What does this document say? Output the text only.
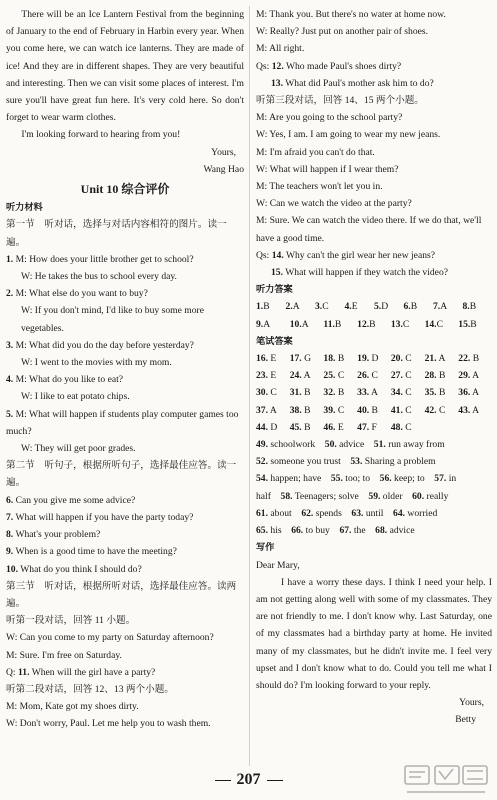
There will be an Ice Lantern Festival from the beginning of January to the end of February in Harbin every year. When you come here, we can watch ice lanterns. They are made of ice! And they are in different shapes. They are very beautiful and interesting. Then we can visit some places of interest. I'm sure you'll have great fun here. It's very cold here. So don't forget to wear warm clothes.

I'm looking forward to hearing from you!

Yours,

Wang Hao

Unit 10 综合评价

听力材料

第一节　听对话，选择与对话内容相符的图片。读一遍。

1. M: How does your little brother get to school?

W: He takes the bus to school every day.

2. M: What else do you want to buy?

W: If you don't mind, I'd like to buy some more vegetables.

3. M: What did you do the day before yesterday?

W: I went to the movies with my mom.

4. M: What do you like to eat?

W: I like to eat potato chips.

5. M: What will happen if students play computer games too much?

W: They will get poor grades.

第二节　听句子，根据所听句子，选择最佳应答。读一遍。

6. Can you give me some advice?

7. What will happen if you have the party today?

8. What's your problem?

9. When is a good time to have the meeting?

10. What do you think I should do?

第三节　听对话，根据所听对话，选择最佳应答。读两遍。

听第一段对话，回答 11 小题。

W: Can you come to my party on Saturday afternoon?

M: Sure. I'm free on Saturday.

Q: 11. When will the girl have a party?

听第二段对话，回答 12、13 两个小题。

M: Mom, Kate got my shoes dirty.

W: Don't worry, Paul. Let me help you to wash them.

M: Thank you. But there's no water at home now.

W: Really? Just put on another pair of shoes.

M: All right.

Qs: 12. Who made Paul's shoes dirty?

13. What did Paul's mother ask him to do?

听第三段对话，回答 14、15 两个小题。

M: Are you going to the school party?

W: Yes, I am. I am going to wear my new jeans.

M: I'm afraid you can't do that.

W: What will happen if I wear them?

M: The teachers won't let you in.

W: Can we watch the video at the party?

M: Sure. We can watch the video there. If we do that, we'll have a good time.

Qs: 14. Why can't the girl wear her new jeans?

15. What will happen if they watch the video?

听力答案

1.B	2.A	3.C	4.E	5.D	6.B	7.A	8.B
9.A	10.A	11.B	12.B	13.C	14.C	15.B

笔试答案

16. E	17. G	18. B	19. D	20. C	21. A	22. B
23. E	24. A	25. C	26. C	27. C	28. B	29. A
30. C	31. B	32. B	33. A	34. C	35. B	36. A
37. A	38. B	39. C	40. B	41. C	42. C	43. A
44. D	45. B	46. E	47. F	48. C

49. schoolwork  50. advice  51. run away from

52. someone you trust  53. Sharing a problem

54. happen; have  55. too; to  56. keep; to  57. in

half  58. Teenagers; solve  59. older  60. really

61. about  62. spends  63. until  64. worried

65. his  66. to buy  67. the  68. advice

写作

Dear Mary,

I have a worry these days. I think I need your help. I am not getting along well with some of my classmates. They are not friendly to me. I don't know why. Last Saturday, one of my classmates had a birthday party at home. He invited many of my classmates, but he didn't invite me. I feel very upset and I don't know what to do. Could you tell me what I should do? I'm looking forward to your reply.

Yours,

Betty

207
